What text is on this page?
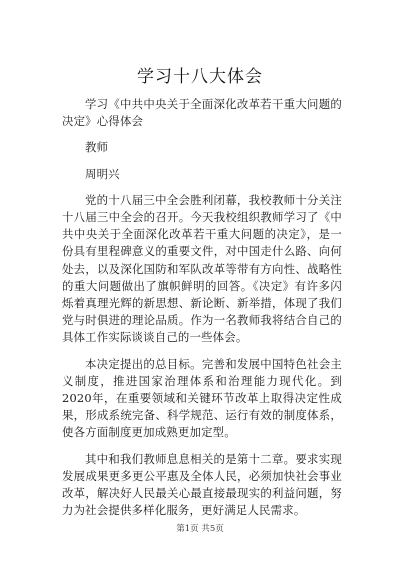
学习十八大体会

学习《中共中央关于全面深化改革若干重大问题的决定》心得体会

教师

周明兴

党的十八届三中全会胜利闭幕，我校教师十分关注十八届三中全会的召开。今天我校组织教师学习了《中共中央关于全面深化改革若干重大问题的决定》，是一份具有里程碑意义的重要文件，对中国走什么路、向何处去，以及深化国防和军队改革等带有方向性、战略性的重大问题做出了旗帜鲜明的回答。《决定》有许多闪烁着真理光辉的新思想、新论断、新举措，体现了我们党与时俱进的理论品质。作为一名教师我将结合自己的具体工作实际谈谈自己的一些体会。

本决定提出的总目标。完善和发展中国特色社会主义制度，推进国家治理体系和治理能力现代化。到2020年，在重要领域和关键环节改革上取得决定性成果，形成系统完备、科学规范、运行有效的制度体系，使各方面制度更加成熟更加定型。

其中和我们教师息息相关的是第十二章。要求实现发展成果更多更公平惠及全体人民，必须加快社会事业改革，解决好人民最关心最直接最现实的利益问题，努力为社会提供多样化服务，更好满足人民需求。

第1页 共5页
